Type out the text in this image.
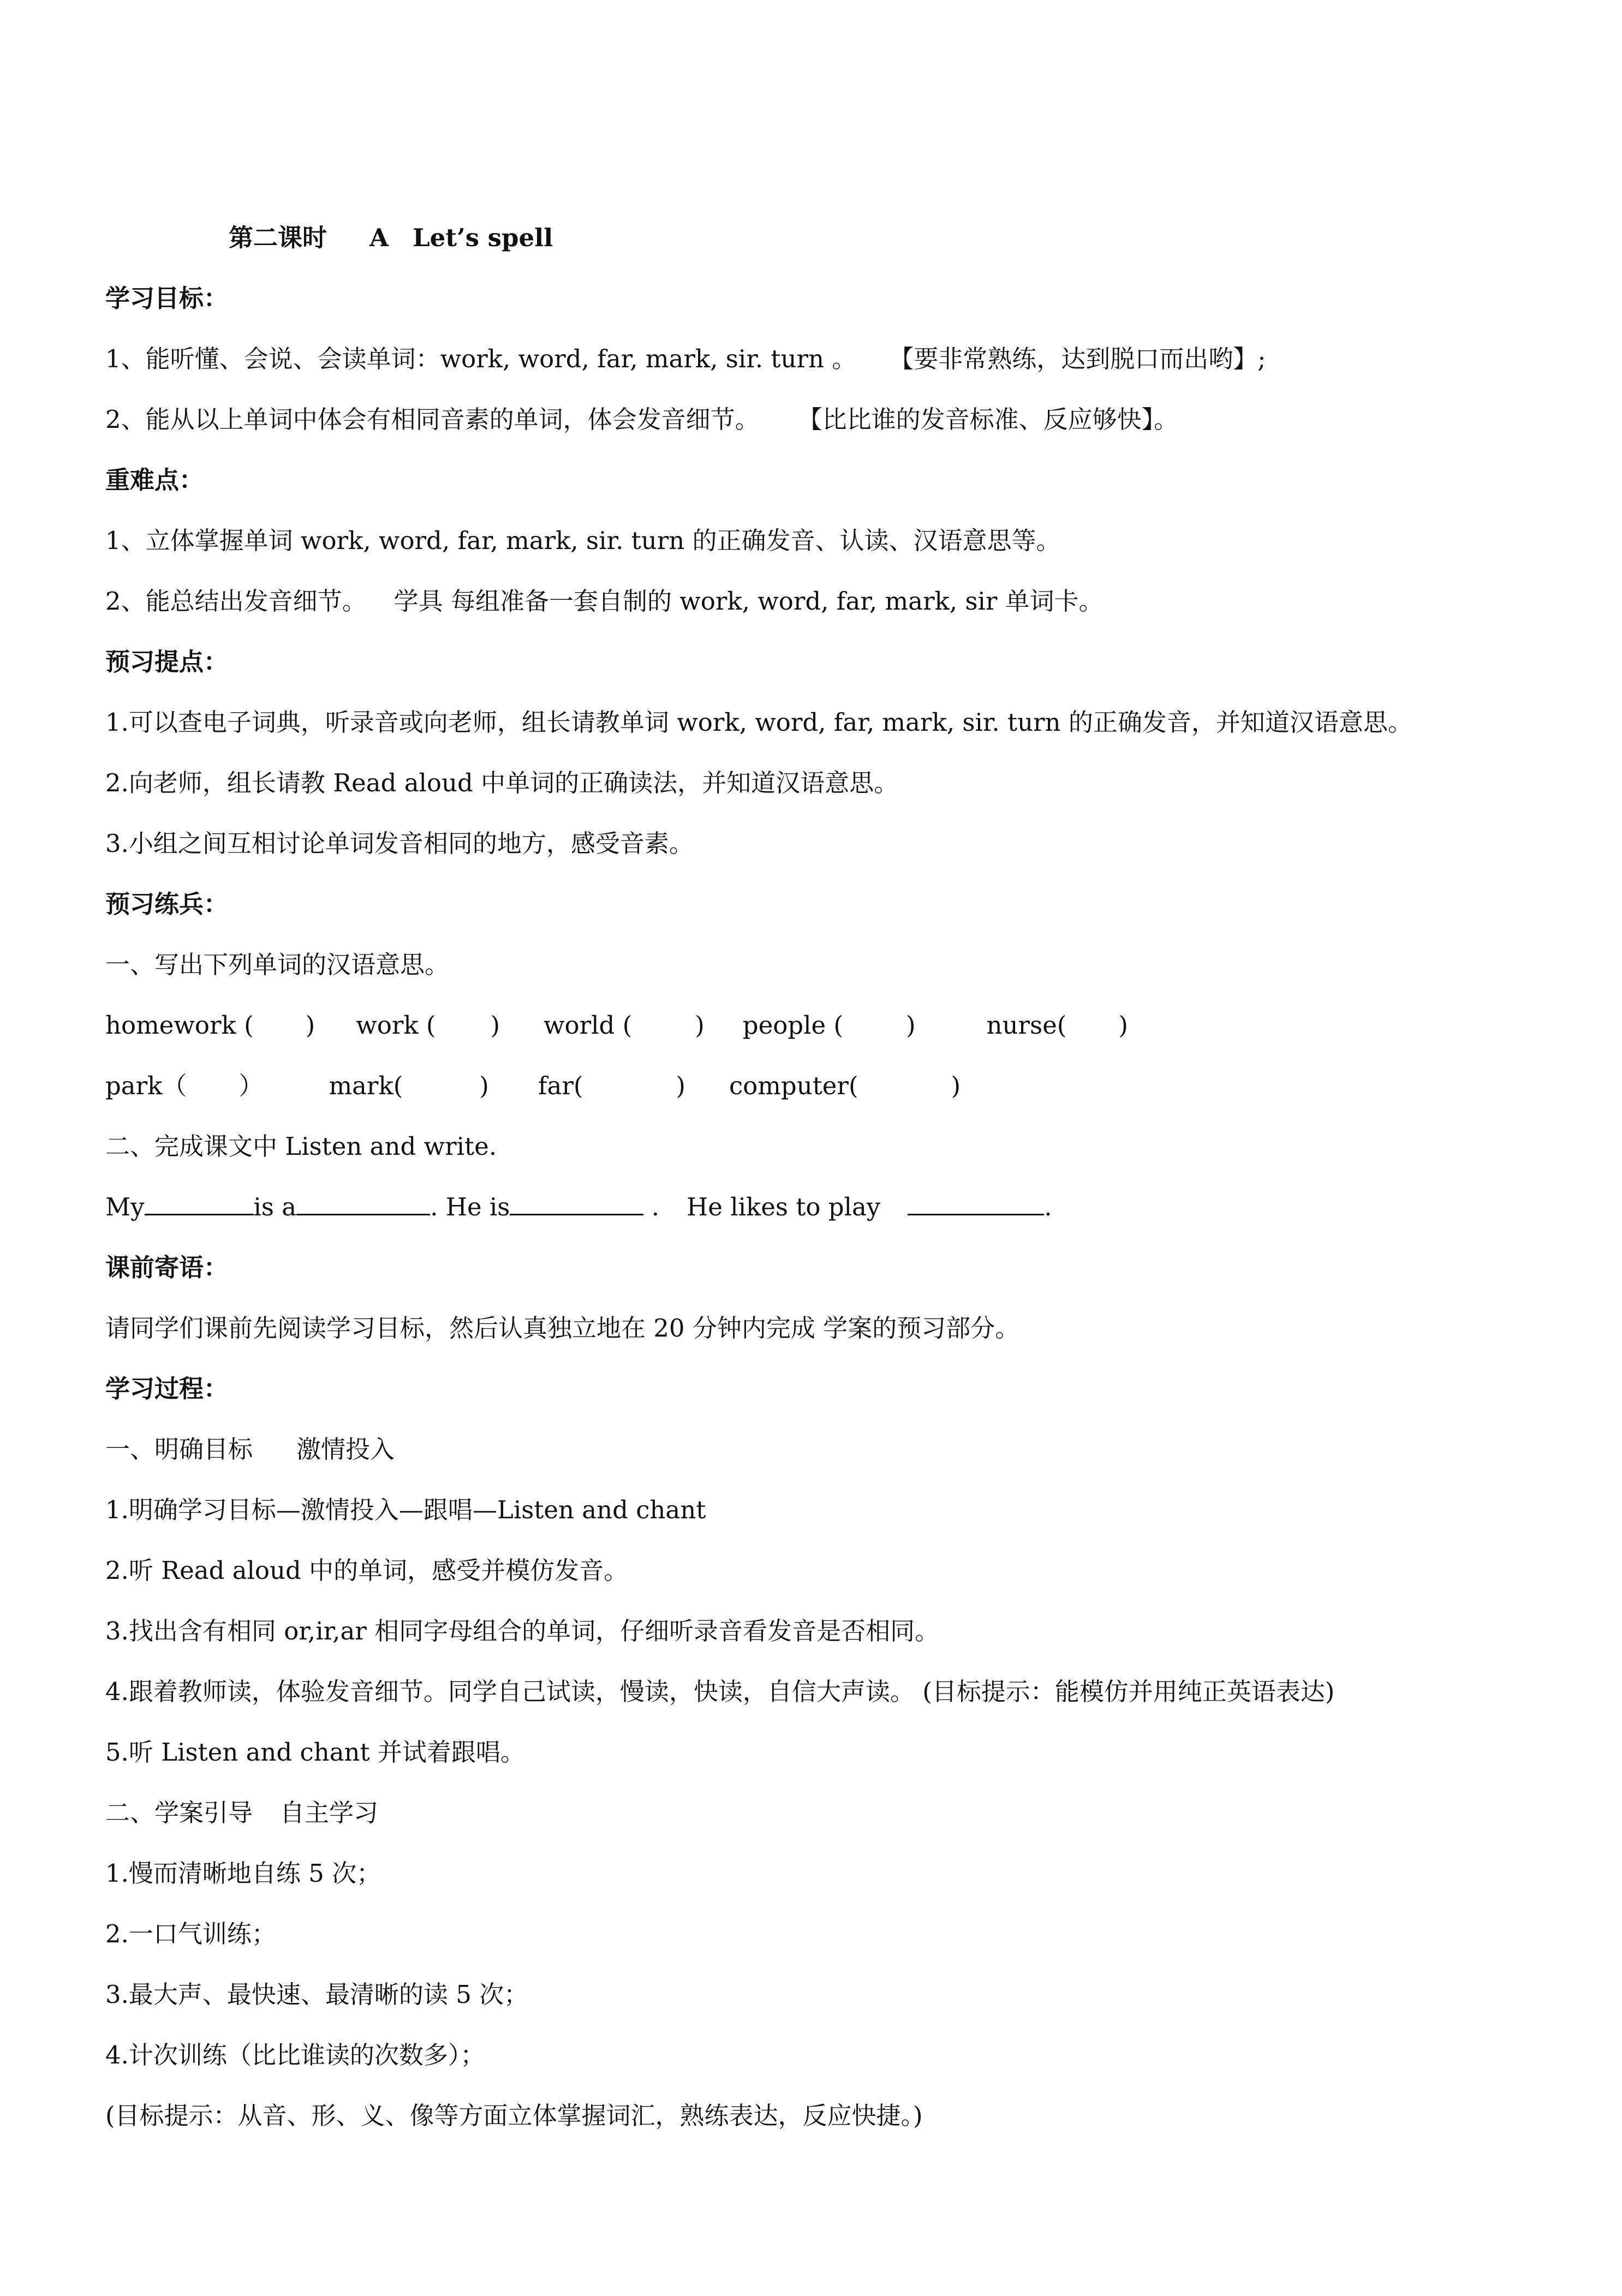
第二课时 A Let’s spell
学习目标：
1、能听懂、会说、会读单词：work, word, far, mark, sir. turn 。 【要非常熟练，达到脱口而出哟】;
2、能从以上单词中体会有相同音素的单词，体会发音细节。 【比比谁的发音标准、反应够快】。
重难点：
1、立体掌握单词 work, word, far, mark, sir. turn 的正确发音、认读、汉语意思等。
2、能总结出发音细节。 学具 每组准备一套自制的 work, word, far, mark, sir 单词卡。
预习提点：
1.可以查电子词典，听录音或向老师，组长请教单词 work, word, far, mark, sir. turn 的正确发音，并知道汉语意思。
2.向老师，组长请教 Read aloud 中单词的正确读法，并知道汉语意思。
3.小组之间互相讨论单词发音相同的地方，感受音素。
预习练兵：
一、写出下列单词的汉语意思。
homework ( ) work ( ) world (	) people (	)	nurse( )
park（ ）	mark(	) far(	) computer(	)
二、完成课文中 Listen and write.
My	is a	. He is	. He likes to play	.
课前寄语：
请同学们课前先阅读学习目标，然后认真独立地在 20 分钟内完成 学案的预习部分。
学习过程：
一、明确目标 激情投入
1.明确学习目标—激情投入—跟唱—Listen and chant
2.听 Read aloud 中的单词，感受并模仿发音。
3.找出含有相同 or,ir,ar 相同字母组合的单词，仔细听录音看发音是否相同。
4.跟着教师读，体验发音细节。同学自己试读，慢读，快读，自信大声读。 (目标提示：能模仿并用纯正英语表达)
5.听 Listen and chant 并试着跟唱。
二、学案引导 自主学习
1.慢而清晰地自练 5 次；
2.一口气训练；
3.最大声、最快速、最清晰的读 5 次；
4.计次训练（比比谁读的次数多）；
(目标提示：从音、形、义、像等方面立体掌握词汇，熟练表达，反应快捷。)
